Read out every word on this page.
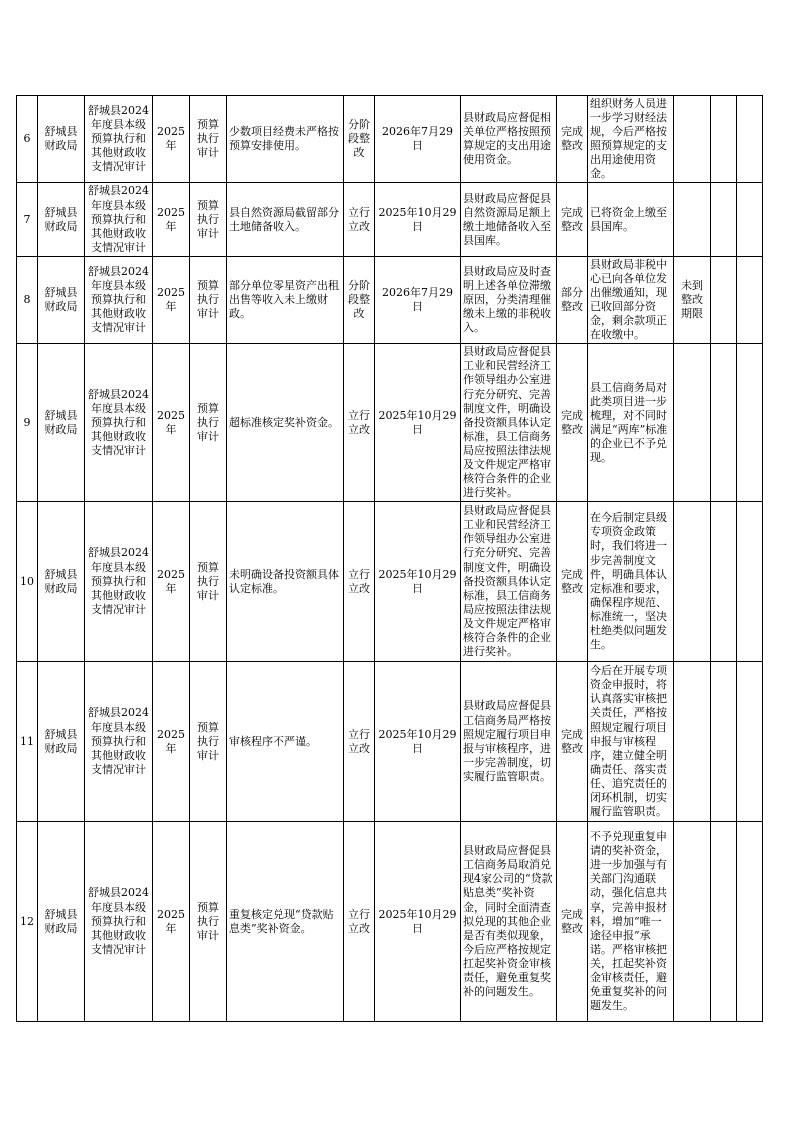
6	舒城县财政局	舒城县2024年度县本级预算执行和其他财政收支情况审计	2025年	预算执行审计	少数项目经费未严格按预算安排使用。	分阶段整改	2026年7月29日	县财政局应督促相关单位严格按照预算规定的支出用途使用资金。	完成整改	组织财务人员进一步学习财经法规，今后严格按照预算规定的支出用途使用资金。			
7	舒城县财政局	舒城县2024年度县本级预算执行和其他财政收支情况审计	2025年	预算执行审计	县自然资源局截留部分土地储备收入。	立行立改	2025年10月29日	县财政局应督促县自然资源局足额上缴土地储备收入至县国库。	完成整改	已将资金上缴至县国库。			
8	舒城县财政局	舒城县2024年度县本级预算执行和其他财政收支情况审计	2025年	预算执行审计	部分单位零星资产出租出售等收入未上缴财政。	分阶段整改	2026年7月29日	县财政局应及时查明上述各单位滞缴原因，分类清理催缴未上缴的非税收入。	部分整改	县财政局非税中心已向各单位发出催缴通知，现已收回部分资金，剩余款项正在收缴中。	未到整改期限		
9	舒城县财政局	舒城县2024年度县本级预算执行和其他财政收支情况审计	2025年	预算执行审计	超标准核定奖补资金。	立行立改	2025年10月29日	县财政局应督促县工业和民营经济工作领导组办公室进行充分研究、完善制度文件，明确设备投资额具体认定标准，县工信商务局应按照法律法规及文件规定严格审核符合条件的企业进行奖补。	完成整改	县工信商务局对此类项目进一步梳理，对不同时满足“两库”标准的企业已不予兑现。			
10	舒城县财政局	舒城县2024年度县本级预算执行和其他财政收支情况审计	2025年	预算执行审计	未明确设备投资额具体认定标准。	立行立改	2025年10月29日	县财政局应督促县工业和民营经济工作领导组办公室进行充分研究、完善制度文件，明确设备投资额具体认定标准，县工信商务局应按照法律法规及文件规定严格审核符合条件的企业进行奖补。	完成整改	在今后制定县级专项资金政策时，我们将进一步完善制度文件，明确具体认定标准和要求，确保程序规范、标准统一，坚决杜绝类似问题发生。			
11	舒城县财政局	舒城县2024年度县本级预算执行和其他财政收支情况审计	2025年	预算执行审计	审核程序不严谨。	立行立改	2025年10月29日	县财政局应督促县工信商务局严格按照规定履行项目申报与审核程序，进一步完善制度，切实履行监管职责。	完成整改	今后在开展专项资金申报时，将认真落实审核把关责任，严格按照规定履行项目申报与审核程序，建立健全明确责任、落实责任、追究责任的闭环机制，切实履行监管职责。			
12	舒城县财政局	舒城县2024年度县本级预算执行和其他财政收支情况审计	2025年	预算执行审计	重复核定兑现“贷款贴息类”奖补资金。	立行立改	2025年10月29日	县财政局应督促县工信商务局取消兑现4家公司的“贷款贴息类”奖补资金，同时全面清查拟兑现的其他企业是否有类似现象，今后应严格按规定扛起奖补资金审核责任，避免重复奖补的问题发生。	完成整改	不予兑现重复申请的奖补资金，进一步加强与有关部门沟通联动，强化信息共享，完善申报材料，增加“唯一途径申报”承诺。严格审核把关，扛起奖补资金审核责任，避免重复奖补的问题发生。			
